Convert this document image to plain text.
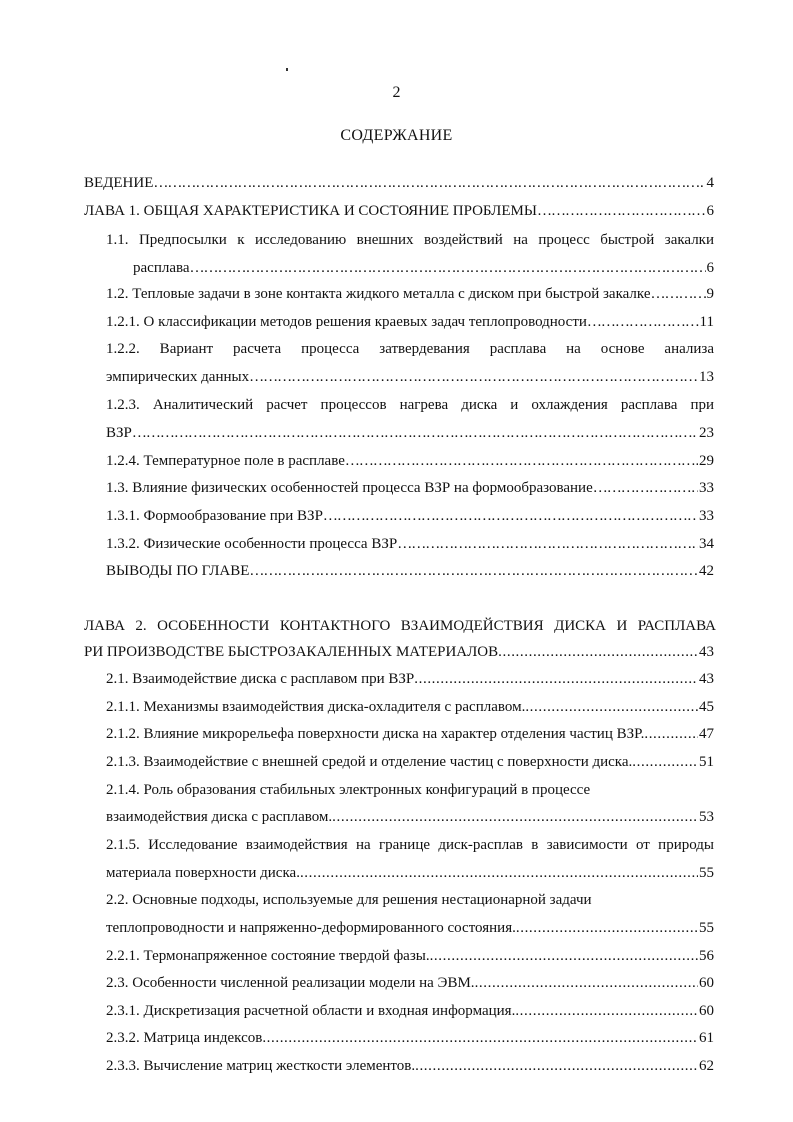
2
СОДЕРЖАНИЕ
ВЕДЕНИЕ ………………………………………………………………………………………………………………………………………………………………………………………………………………………	4
ЛАВА 1. ОБЩАЯ ХАРАКТЕРИСТИКА И СОСТОЯНИЕ ПРОБЛЕМЫ ………………………………………………………………………………………………………………………………………………………………………………………………………………………	6
1.1. Предпосылки к исследованию внешних воздействий на процесс быстрой закалки
расплава ………………………………………………………………………………………………………………………………………………………………………………………………………………………	6
1.2. Тепловые задачи в зоне контакта жидкого металла с диском при быстрой закалке ………………………………………………………………………………………………………………………………………………………………………………………………………………………	9
1.2.1. О классификации методов решения краевых задач теплопроводности ………………………………………………………………………………………………………………………………………………………………………………………………………………………	11
1.2.2. Вариант расчета процесса затвердевания расплава на основе анализа
эмпирических данных ………………………………………………………………………………………………………………………………………………………………………………………………………………………	13
1.2.3. Аналитический расчет процессов нагрева диска и охлаждения расплава при
ВЗР ………………………………………………………………………………………………………………………………………………………………………………………………………………………	23
1.2.4. Температурное поле в расплаве ………………………………………………………………………………………………………………………………………………………………………………………………………………………	29
1.3. Влияние физических особенностей процесса ВЗР на формообразование ………………………………………………………………………………………………………………………………………………………………………………………………………………………	33
1.3.1. Формообразование при ВЗР ………………………………………………………………………………………………………………………………………………………………………………………………………………………	33
1.3.2. Физические особенности процесса ВЗР ………………………………………………………………………………………………………………………………………………………………………………………………………………………	34
ВЫВОДЫ ПО ГЛАВЕ ………………………………………………………………………………………………………………………………………………………………………………………………………………………	42
ЛАВА 2. ОСОБЕННОСТИ КОНТАКТНОГО ВЗАИМОДЕЙСТВИЯ ДИСКА И РАСПЛАВА
РИ ПРОИЗВОДСТВЕ БЫСТРОЗАКАЛЕННЫХ МАТЕРИАЛОВ .....	43
2.1. Взаимодействие диска с расплавом при ВЗР .....	43
2.1.1. Механизмы взаимодействия диска-охладителя с расплавом. .....	45
2.1.2. Влияние микрорельефа поверхности диска на характер отделения частиц ВЗР. .....	47
2.1.3. Взаимодействие с внешней средой и отделение частиц с поверхности диска. .....	51
2.1.4. Роль образования стабильных электронных конфигураций в процессе
взаимодействия диска с расплавом. .....	53
2.1.5. Исследование взаимодействия на границе диск-расплав в зависимости от природы
материала поверхности диска. .....	55
2.2. Основные подходы, используемые для решения нестационарной задачи
теплопроводности и напряженно-деформированного состояния. .....	55
2.2.1. Термонапряженное состояние твердой фазы. .....	56
2.3. Особенности численной реализации модели на ЭВМ. .....	60
2.3.1. Дискретизация расчетной области и входная информация. .....	60
2.3.2. Матрица индексов .....	61
2.3.3. Вычисление матриц жесткости элементов. .....	62
